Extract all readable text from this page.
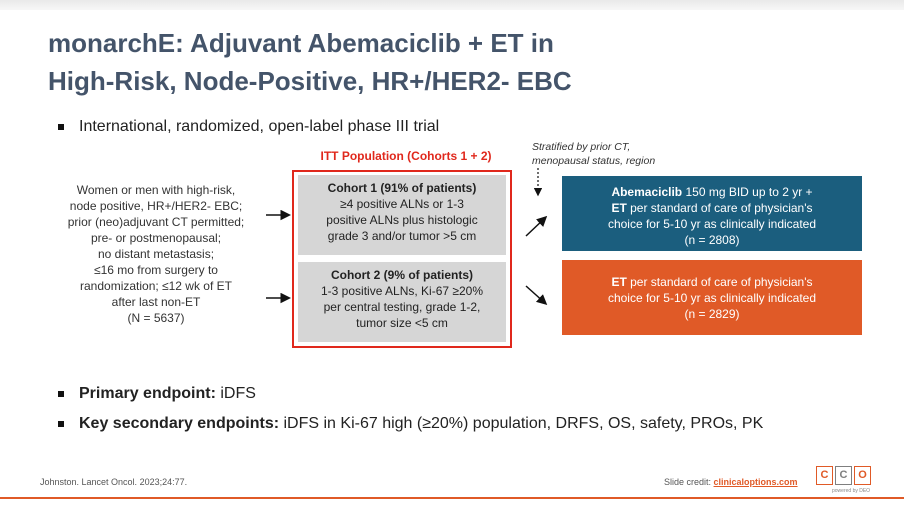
monarchE: Adjuvant Abemaciclib + ET in
High-Risk, Node-Positive, HR+/HER2- EBC
International, randomized, open-label phase III trial
Women or men with high-risk,
node positive, HR+/HER2- EBC;
prior (neo)adjuvant CT permitted;
pre- or postmenopausal;
no distant metastasis;
≤16 mo from surgery to
randomization; ≤12 wk of ET
after last non-ET
(N = 5637)
ITT Population (Cohorts 1 + 2)
Cohort 1 (91% of patients)
≥4 positive ALNs or 1-3
positive ALNs plus histologic
grade 3 and/or tumor >5 cm
Cohort 2 (9% of patients)
1-3 positive ALNs, Ki-67 ≥20%
per central testing, grade 1-2,
tumor size <5 cm
Stratified by prior CT,
menopausal status, region
Abemaciclib 150 mg BID up to 2 yr +
ET per standard of care of physician's
choice for 5-10 yr as clinically indicated
(n = 2808)
ET per standard of care of physician's
choice for 5-10 yr as clinically indicated
(n = 2829)
Primary endpoint: iDFS
Key secondary endpoints: iDFS in Ki-67 high (≥20%) population, DRFS, OS, safety, PROs, PK
Johnston. Lancet Oncol. 2023;24:77.	Slide credit: clinicaloptions.com
C	C O
powered by DEO
